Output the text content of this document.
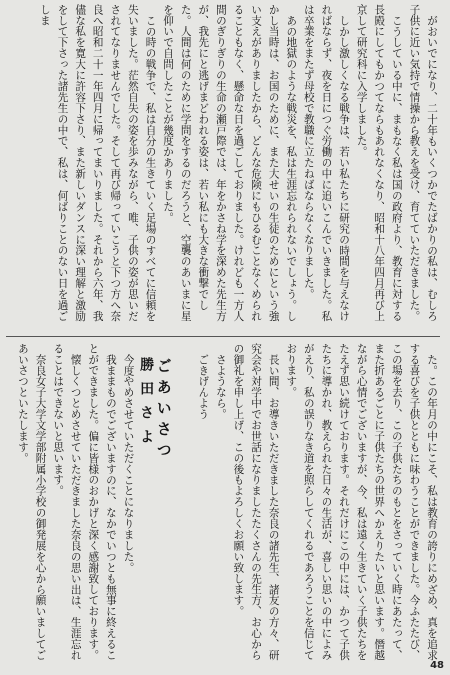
がおいでになり、二十年もいくつかでたばかりの私は、むしろ子供に近い気持で情操から教えを受け、育てていただきました。

こうしている中に、まもなく私は国の政府より、教育に対する長殿にしてもかつてならもあれなくなり、昭和十八年四月再び上京して研究科に入学しました。

しかし激しくなる戦争は、若い私たちに研究の時間を与えなければならず、夜を日につぐ労働の中に追いこんでいきました。私は卒業をまたず母校で教職に立たねばならなくなりました。

あの地獄のような戦災を、私は生涯忘れられないでしょう。しかし当時は、お国のために、また大せいの生徒のためにという強い支えがありましたから、どんな危険にもひるむことなくめられることもなく、懸命な日を過ごしておりました。けれども一方人間のぎりぎりの生命の瀬戸際では、年をかさね学を深めた先生方が、我先にと逃げまどわれる姿は、若い私にも大きな衝撃でした。人間は何のために学問をするのだろうと、空襲のあいまに星を仰いで自問したことが幾度かありました。

この時の戦争で、私は自分の生きていく足場のすべてに信頼を失いました。茫然自失の姿を歩みながら、唯、子供の姿が思いだされてなりませんでした。そして再び帰っていこうと下つ方へ奈良へ昭和二十一年四月に帰ってまいりました。それから六年、我儘な私を寛大に許容下さり、また新しいダンスに深い理解と激励をして下さった諸先生の中で、私は、何ばりことのない日を過ごしま

た。この年月の中にこそ、私は教育の誇りにめざめ、真を追求する喜びを子供とともに味わうことができました。今ふたたび、この場を去り、この子供たちのもとをさっていく時にあたって、また折あるごとに子供たちの世界へかえりたいと思います。僭越ながら心情でございますが、今、私は遠く生きていく子供たちをたえず思い続けております。それだけにこの中には、かつて子供たちに導かれ、教えられた日々の生活が、喜しい思いの中によみがえり、私の誤りなき道を照らしてくれるであろうことを信じております。

長い間、お導きいただきました奈良の諸先生、諸友の方々、研究会や対学中でお世話になりましたたくさんの先生方、お心からの御礼を申し上げ、この後もよろしくお願い致します。

さようなら。

ごきげんよう

ごあいさつ

勝田さよ

今度やめさせていただくことになりました。

我ままものでございますのに、なかでいつとも無事に終えることができました。偏に皆様のおかげと深く感謝致しております。

懐しくつとめさせていただきました奈良の思い出は、生涯忘れることはできないと思います。

奈良女子大学文学部附属小学校の御発展を心から願いましてごあいさつといたします。

48
